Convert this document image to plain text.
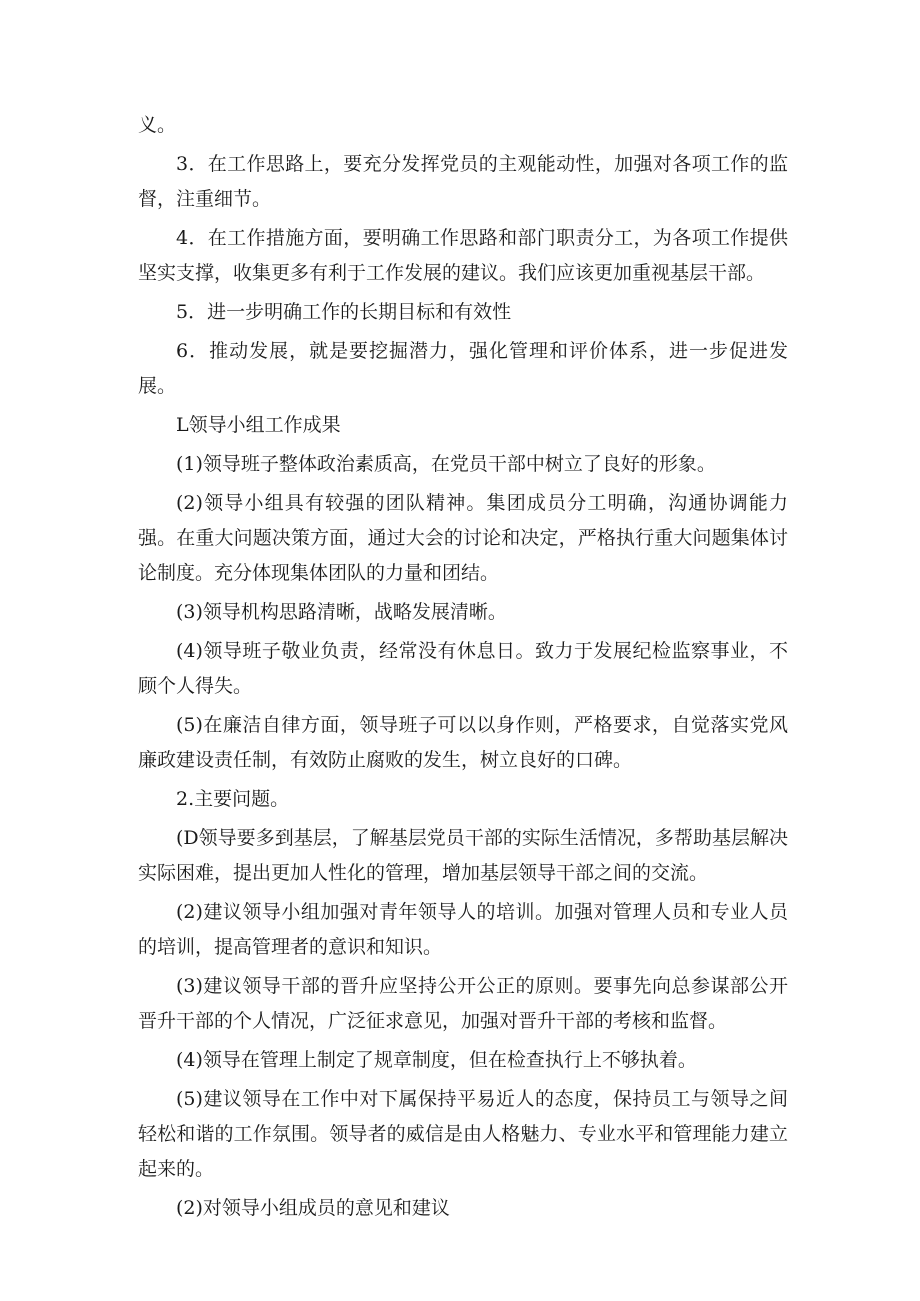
义。

3．在工作思路上，要充分发挥党员的主观能动性，加强对各项工作的监督，注重细节。

4．在工作措施方面，要明确工作思路和部门职责分工，为各项工作提供坚实支撑，收集更多有利于工作发展的建议。我们应该更加重视基层干部。

5．进一步明确工作的长期目标和有效性

6．推动发展，就是要挖掘潜力，强化管理和评价体系，进一步促进发展。

L领导小组工作成果

(1)领导班子整体政治素质高，在党员干部中树立了良好的形象。

(2)领导小组具有较强的团队精神。集团成员分工明确，沟通协调能力强。在重大问题决策方面，通过大会的讨论和决定，严格执行重大问题集体讨论制度。充分体现集体团队的力量和团结。

(3)领导机构思路清晰，战略发展清晰。

(4)领导班子敬业负责，经常没有休息日。致力于发展纪检监察事业，不顾个人得失。

(5)在廉洁自律方面，领导班子可以以身作则，严格要求，自觉落实党风廉政建设责任制，有效防止腐败的发生，树立良好的口碑。

2.主要问题。

(D领导要多到基层，了解基层党员干部的实际生活情况，多帮助基层解决实际困难，提出更加人性化的管理，增加基层领导干部之间的交流。

(2)建议领导小组加强对青年领导人的培训。加强对管理人员和专业人员的培训，提高管理者的意识和知识。

(3)建议领导干部的晋升应坚持公开公正的原则。要事先向总参谋部公开晋升干部的个人情况，广泛征求意见，加强对晋升干部的考核和监督。

(4)领导在管理上制定了规章制度，但在检查执行上不够执着。

(5)建议领导在工作中对下属保持平易近人的态度，保持员工与领导之间轻松和谐的工作氛围。领导者的威信是由人格魅力、专业水平和管理能力建立起来的。

(2)对领导小组成员的意见和建议
